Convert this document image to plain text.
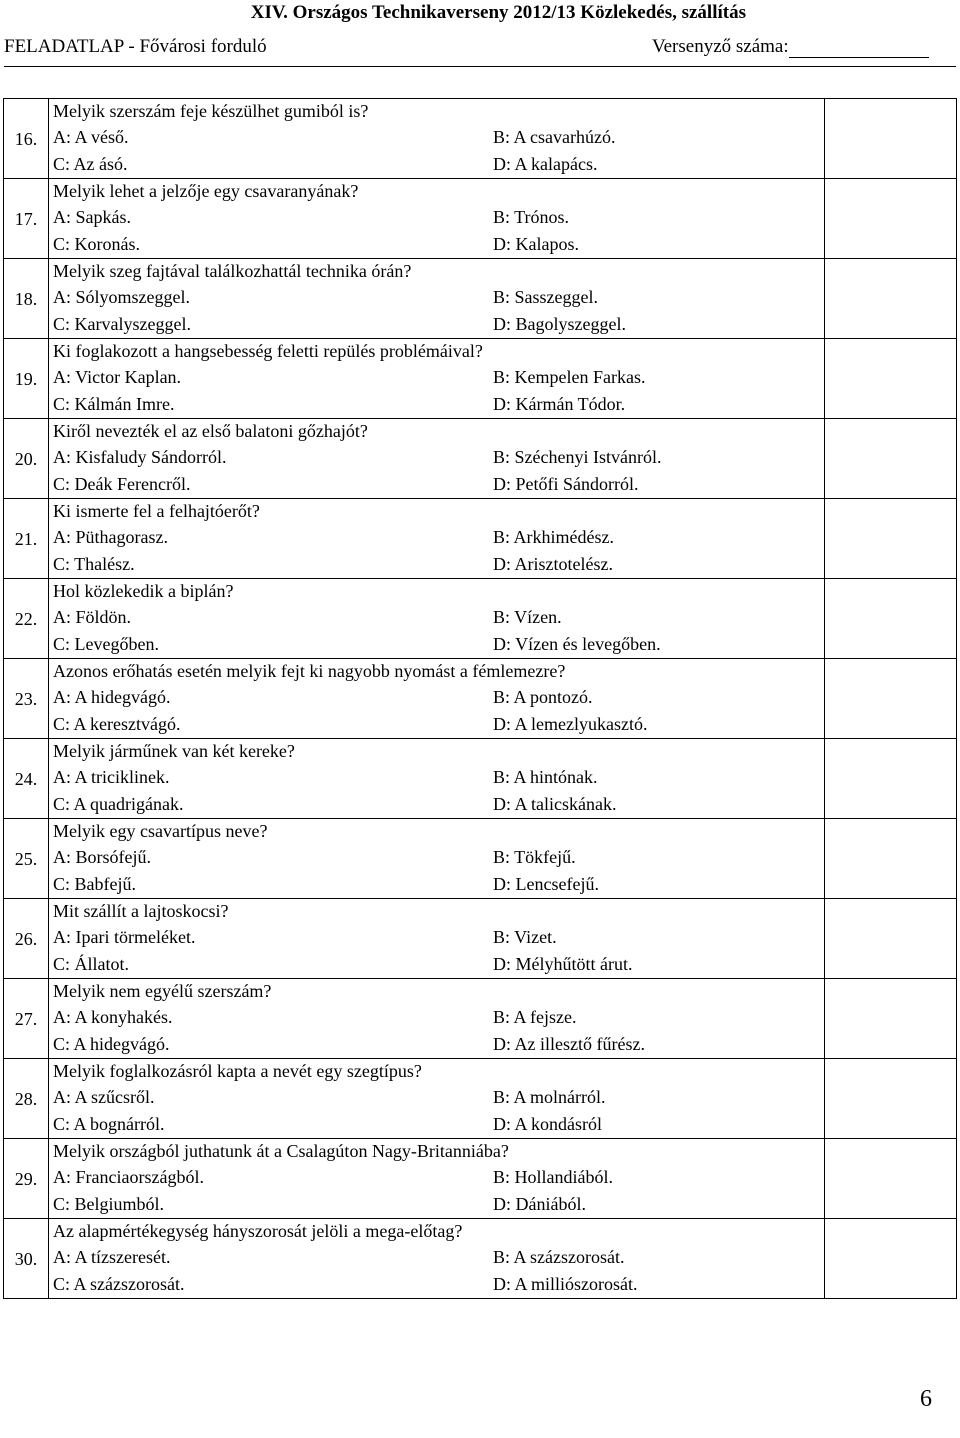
XIV. Országos Technikaverseny 2012/13 Közlekedés, szállítás
FELADATLAP - Fővárosi forduló	Versenyző száma:
16.	Melyik szerszám feje készülhet gumiból is?
A: A véső. B: A csavarhúzó.
C: Az ásó. D: A kalapács.	

17.	Melyik lehet a jelzője egy csavaranyának?
A: Sapkás. B: Trónos.
C: Koronás. D: Kalapos.	

18.	Melyik szeg fajtával találkozhattál technika órán?
A: Sólyomszeggel. B: Sasszeggel.
C: Karvalyszeggel. D: Bagolyszeggel.	

19.	Ki foglakozott a hangsebesség feletti repülés problémáival?
A: Victor Kaplan. B: Kempelen Farkas.
C: Kálmán Imre. D: Kármán Tódor.	

20.	Kiről nevezték el az első balatoni gőzhajót?
A: Kisfaludy Sándorról. B: Széchenyi Istvánról.
C: Deák Ferencről. D: Petőfi Sándorról.	

21.	Ki ismerte fel a felhajtóerőt?
A: Püthagorasz. B: Arkhimédész.
C: Thalész. D: Arisztotelész.	

22.	Hol közlekedik a biplán?
A: Földön. B: Vízen.
C: Levegőben. D: Vízen és levegőben.	

23.	Azonos erőhatás esetén melyik fejt ki nagyobb nyomást a fémlemezre?
A: A hidegvágó. B: A pontozó.
C: A keresztvágó. D: A lemezlyukasztó.	

24.	Melyik járműnek van két kereke?
A: A triciklinek. B: A hintónak.
C: A quadrigának. D: A talicskának.	

25.	Melyik egy csavartípus neve?
A: Borsófejű. B: Tökfejű.
C: Babfejű. D: Lencsefejű.	

26.	Mit szállít a lajtoskocsi?
A: Ipari törmeléket. B: Vizet.
C: Állatot. D: Mélyhűtött árut.	

27.	Melyik nem egyélű szerszám?
A: A konyhakés. B: A fejsze.
C: A hidegvágó. D: Az illesztő fűrész.	

28.	Melyik foglalkozásról kapta a nevét egy szegtípus?
A: A szűcsről. B: A molnárról.
C: A bognárról. D: A kondásról	

29.	Melyik országból juthatunk át a Csalagúton Nagy-Britanniába?
A: Franciaországból. B: Hollandiából.
C: Belgiumból. D: Dániából.	

30.	Az alapmértékegység hányszorosát jelöli a mega-előtag?
A: A tízszeresét. B: A százszorosát.
C: A százszorosát. D: A milliószorosát.	

6
